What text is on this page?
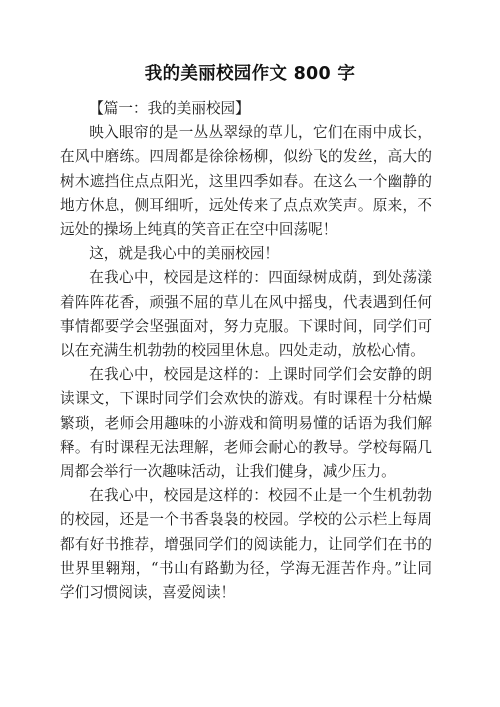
我的美丽校园作文 800 字

【篇一：我的美丽校园】

映入眼帘的是一丛丛翠绿的草儿，它们在雨中成长，在风中磨练。四周都是徐徐杨柳，似纷飞的发丝，高大的树木遮挡住点点阳光，这里四季如春。在这么一个幽静的地方休息，侧耳细听，远处传来了点点欢笑声。原来，不远处的操场上纯真的笑音正在空中回荡呢！

这，就是我心中的美丽校园！

在我心中，校园是这样的：四面绿树成荫，到处荡漾着阵阵花香，顽强不屈的草儿在风中摇曳，代表遇到任何事情都要学会坚强面对，努力克服。下课时间，同学们可以在充满生机勃勃的校园里休息。四处走动，放松心情。

在我心中，校园是这样的：上课时同学们会安静的朗读课文，下课时同学们会欢快的游戏。有时课程十分枯燥繁琐，老师会用趣味的小游戏和简明易懂的话语为我们解释。有时课程无法理解，老师会耐心的教导。学校每隔几周都会举行一次趣味活动，让我们健身，减少压力。

在我心中，校园是这样的：校园不止是一个生机勃勃的校园，还是一个书香袅袅的校园。学校的公示栏上每周都有好书推荐，增强同学们的阅读能力，让同学们在书的世界里翱翔，“书山有路勤为径，学海无涯苦作舟。”让同学们习惯阅读，喜爱阅读！
